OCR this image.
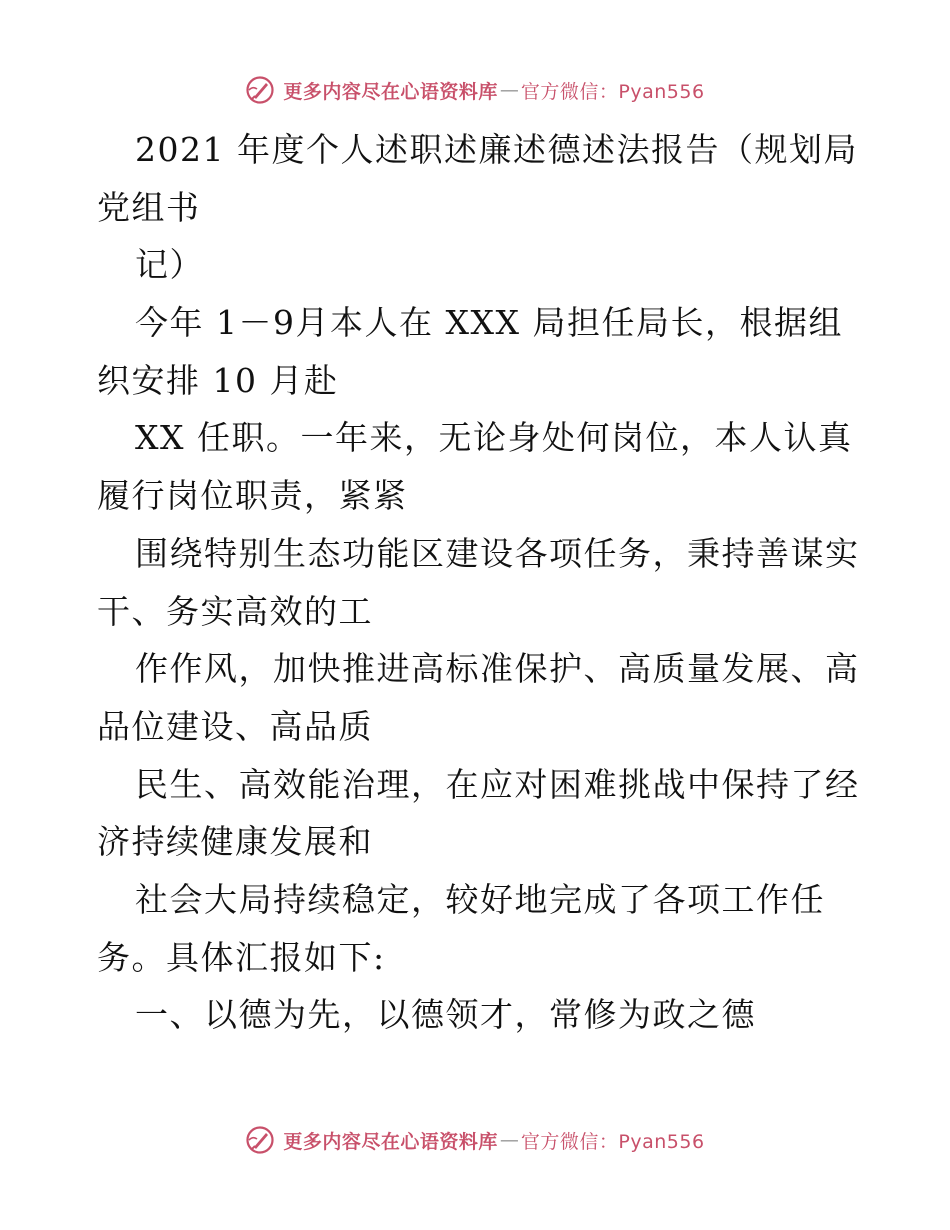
更多内容尽在心语资料库 — 官方微信：Pyan556
2021 年度个人述职述廉述德述法报告（规划局
党组书
记）
今年 1－9月本人在 XXX 局担任局长，根据组
织安排 10 月赴
XX 任职。一年来，无论身处何岗位，本人认真
履行岗位职责，紧紧
围绕特别生态功能区建设各项任务，秉持善谋实
干、务实高效的工
作作风，加快推进高标准保护、高质量发展、高
品位建设、高品质
民生、高效能治理，在应对困难挑战中保持了经
济持续健康发展和
社会大局持续稳定，较好地完成了各项工作任
务。具体汇报如下:
一、以德为先，以德领才，常修为政之德
更多内容尽在心语资料库 — 官方微信：Pyan556
